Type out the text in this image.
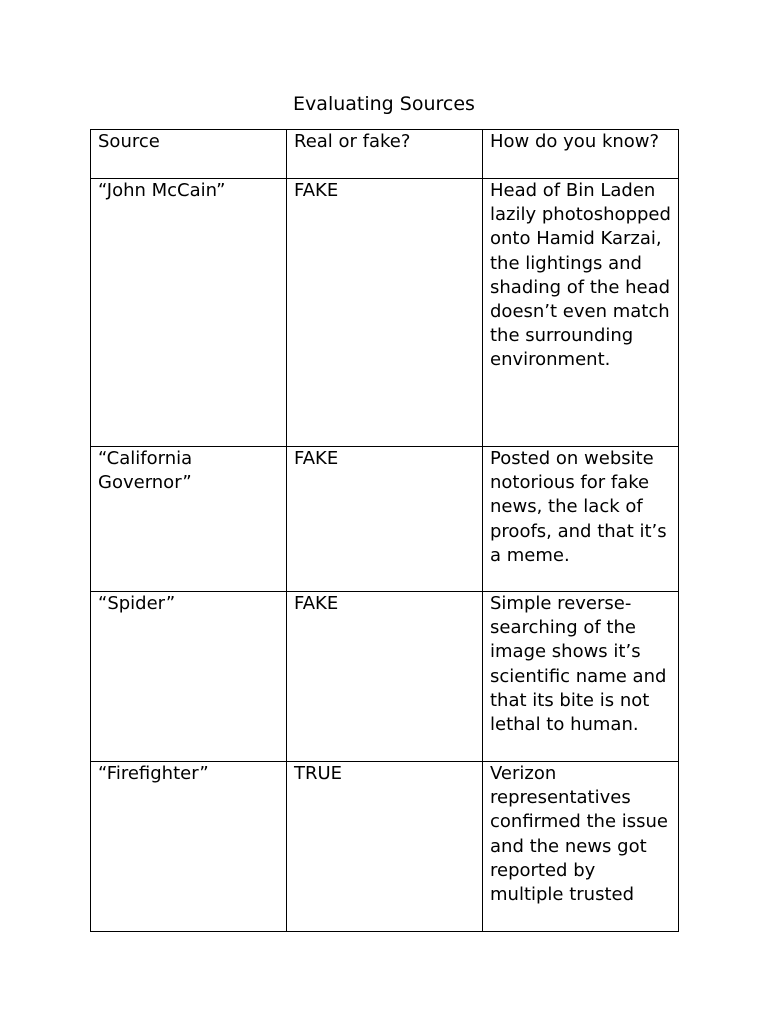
Evaluating Sources
Source	Real or fake?	How do you know?
“John McCain”	FAKE	Head of Bin Laden lazily photoshopped onto Hamid Karzai, the lightings and shading of the head doesn’t even match the surrounding environment.
“California Governor”	FAKE	Posted on website notorious for fake news, the lack of proofs, and that it’s a meme.
“Spider”	FAKE	Simple reverse-searching of the image shows it’s scientific name and that its bite is not lethal to human.
“Firefighter”	TRUE	Verizon representatives confirmed the issue and the news got reported by multiple trusted
